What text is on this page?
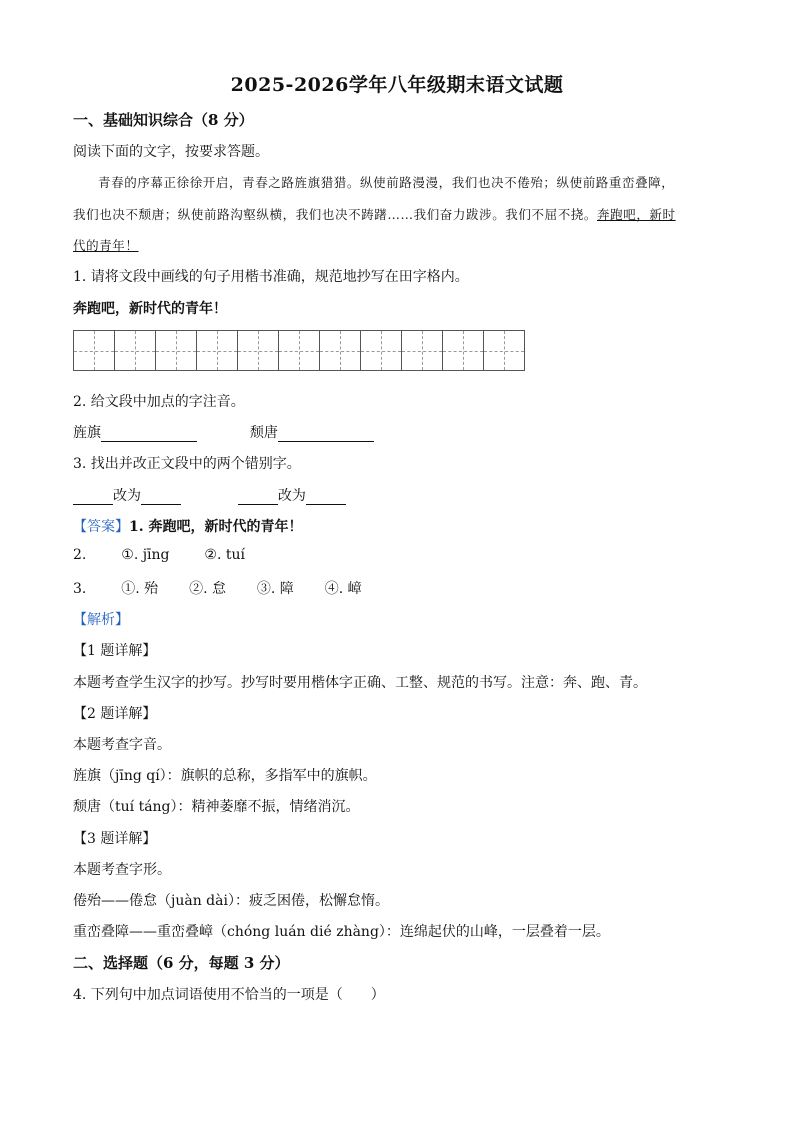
2025-2026学年八年级期末语文试题
一、基础知识综合（8 分）
阅读下面的文字，按要求答题。
青春的序幕正徐徐开启，青春之路旌旗猎猎。纵使前路漫漫，我们也决不倦殆；纵使前路重峦叠障，
我们也决不颓唐；纵使前路沟壑纵横，我们也决不踌躇……我们奋力跋涉。我们不屈不挠。奔跑吧，新时
代的青年！
1. 请将文段中画线的句子用楷书准确，规范地抄写在田字格内。
奔跑吧，新时代的青年！
2. 给文段中加点的字注音。
旌旗	颓唐
3. 找出并改正文段中的两个错别字。
改为	改为
【答案】1. 奔跑吧，新时代的青年！
2. ①. jīng ②. tuí
3. ①. 殆 ②. 怠 ③. 障 ④. 嶂
【解析】
【1 题详解】
本题考查学生汉字的抄写。抄写时要用楷体字正确、工整、规范的书写。注意：奔、跑、青。
【2 题详解】
本题考查字音。
旌旗（jīng qí）：旗帜的总称，多指军中的旗帜。
颓唐（tuí táng）：精神萎靡不振，情绪消沉。
【3 题详解】
本题考查字形。
倦殆——倦怠（juàn dài）：疲乏困倦，松懈怠惰。
重峦叠障——重峦叠嶂（chóng luán dié zhàng）：连绵起伏的山峰，一层叠着一层。
二、选择题（6 分，每题 3 分）
4. 下列句中加点词语使用不恰当的一项是（　　）
